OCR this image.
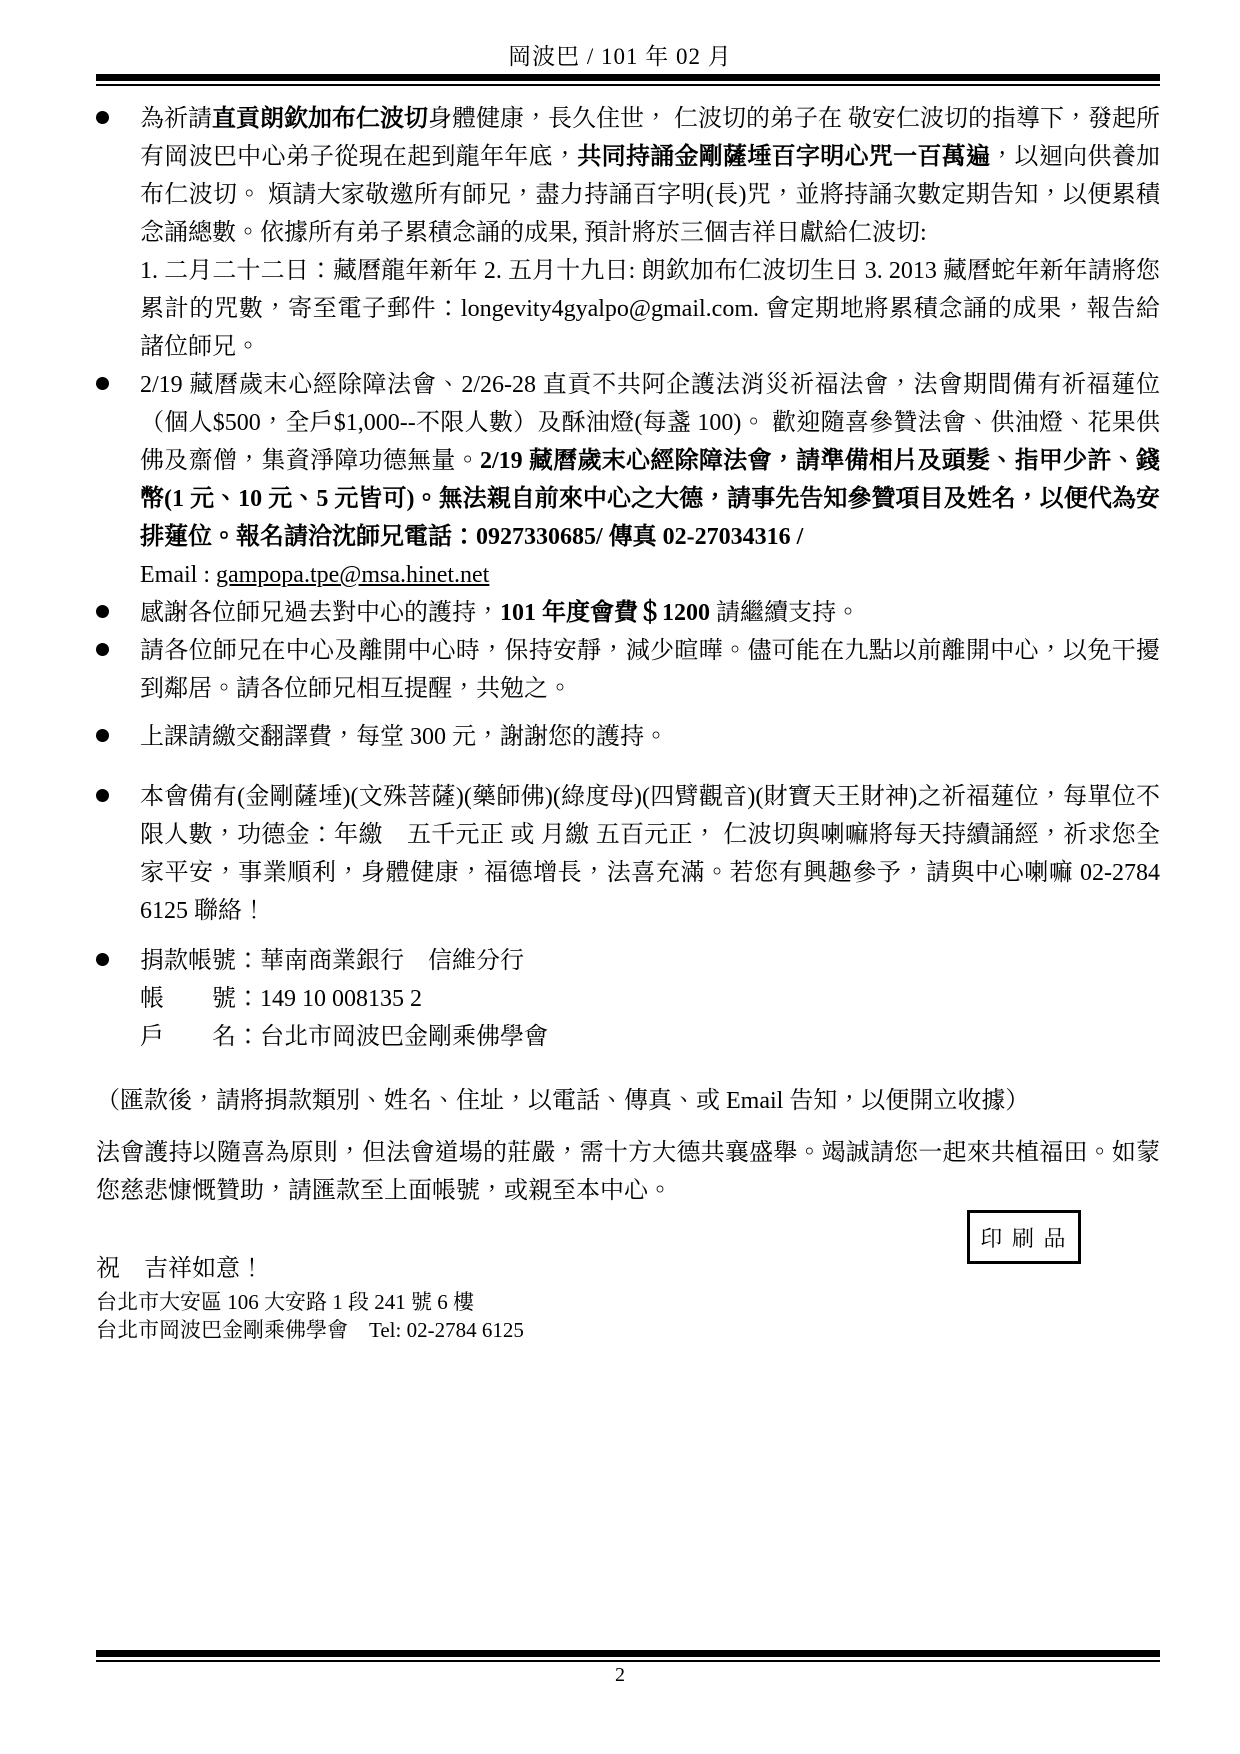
岡波巴 / 101 年 02 月
為祈請直貢朗欽加布仁波切身體健康，長久住世， 仁波切的弟子在 敬安仁波切的指導下，發起所有岡波巴中心弟子從現在起到龍年年底，共同持誦金剛薩埵百字明心咒一百萬遍，以迴向供養加布仁波切。 煩請大家敬邀所有師兄，盡力持誦百字明(長)咒，並將持誦次數定期告知，以便累積念誦總數。依據所有弟子累積念誦的成果, 預計將於三個吉祥日獻給仁波切:
1. 二月二十二日：藏曆龍年新年 2. 五月十九日: 朗欽加布仁波切生日 3. 2013 藏曆蛇年新年請將您累計的咒數，寄至電子郵件：longevity4gyalpo@gmail.com. 會定期地將累積念誦的成果，報告給諸位師兄。
2/19 藏曆歲末心經除障法會、2/26-28 直貢不共阿企護法消災祈福法會，法會期間備有祈福蓮位（個人$500，全戶$1,000--不限人數）及酥油燈(每盞 100)。 歡迎隨喜參贊法會、供油燈、花果供佛及齋僧，集資淨障功德無量。2/19 藏曆歲末心經除障法會，請準備相片及頭髮、指甲少許、錢幣(1 元、10 元、5 元皆可)。無法親自前來中心之大德，請事先告知參贊項目及姓名，以便代為安排蓮位。報名請洽沈師兄電話：0927330685/ 傳真 02-27034316 /
Email : gampopa.tpe@msa.hinet.net
感謝各位師兄過去對中心的護持，101 年度會費＄1200 請繼續支持。
請各位師兄在中心及離開中心時，保持安靜，減少暄曄。儘可能在九點以前離開中心，以免干擾到鄰居。請各位師兄相互提醒，共勉之。
上課請繳交翻譯費，每堂 300 元，謝謝您的護持。
本會備有(金剛薩埵)(文殊菩薩)(藥師佛)(綠度母)(四臂觀音)(財寶天王財神)之祈福蓮位，每單位不限人數，功德金：年繳　五千元正 或 月繳 五百元正， 仁波切與喇嘛將每天持續誦經，祈求您全家平安，事業順利，身體健康，福德增長，法喜充滿。若您有興趣參予，請與中心喇嘛 02-2784 6125 聯絡！
捐款帳號：華南商業銀行　信維分行
帳　　號：149 10 008135 2
戶　　名：台北市岡波巴金剛乘佛學會
（匯款後，請將捐款類別、姓名、住址，以電話、傳真、或 Email 告知，以便開立收據）
法會護持以隨喜為原則，但法會道場的莊嚴，需十方大德共襄盛舉。竭誠請您一起來共植福田。如蒙您慈悲慷慨贊助，請匯款至上面帳號，或親至本中心。
祝　吉祥如意！
台北市大安區 106 大安路 1 段 241 號 6 樓
台北市岡波巴金剛乘佛學會　Tel: 02-2784 6125
印 刷 品
2
